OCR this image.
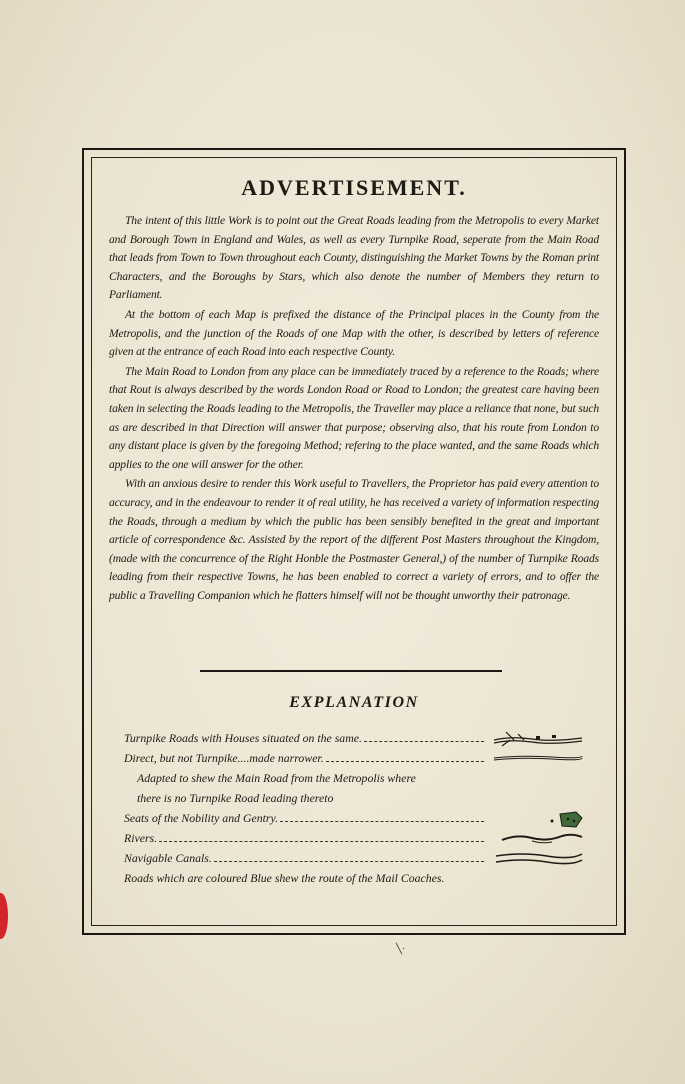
ADVERTISEMENT.

The intent of this little Work is to point out the Great Roads leading from the Metropolis to every Market and Borough Town in England and Wales, as well as every Turnpike Road, seperate from the Main Road that leads from Town to Town throughout each County, distinguishing the Market Towns by the Roman print Characters, and the Boroughs by Stars, which also denote the number of Members they return to Parliament.

At the bottom of each Map is prefixed the distance of the Principal places in the County from the Metropolis, and the junction of the Roads of one Map with the other, is described by letters of reference given at the entrance of each Road into each respective County.

The Main Road to London from any place can be immediately traced by a reference to the Roads; where that Rout is always described by the words London Road or Road to London; the greatest care having been taken in selecting the Roads leading to the Metropolis, the Traveller may place a reliance that none, but such as are described in that Direction will answer that purpose; observing also, that his route from London to any distant place is given by the foregoing Method; refering to the place wanted, and the same Roads which applies to the one will answer for the other.

With an anxious desire to render this Work useful to Travellers, the Proprietor has paid every attention to accuracy, and in the endeavour to render it of real utility, he has received a variety of information respecting the Roads, through a medium by which the public has been sensibly benefited in the great and important article of correspondence &c. Assisted by the report of the different Post Masters throughout the Kingdom, (made with the concurrence of the Right Honble the Postmaster General,) of the number of Turnpike Roads leading from their respective Towns, he has been enabled to correct a variety of errors, and to offer the public a Travelling Companion which he flatters himself will not be thought unworthy their patronage.

EXPLANATION
Turnpike Roads with Houses situated on the same.
Direct, but not Turnpike....made narrower.
Adapted to shew the Main Road from the Metropolis where
there is no Turnpike Road leading thereto
Seats of the Nobility and Gentry.
Rivers.
Navigable Canals.
Roads which are coloured Blue shew the route of the Mail Coaches.
╲·
